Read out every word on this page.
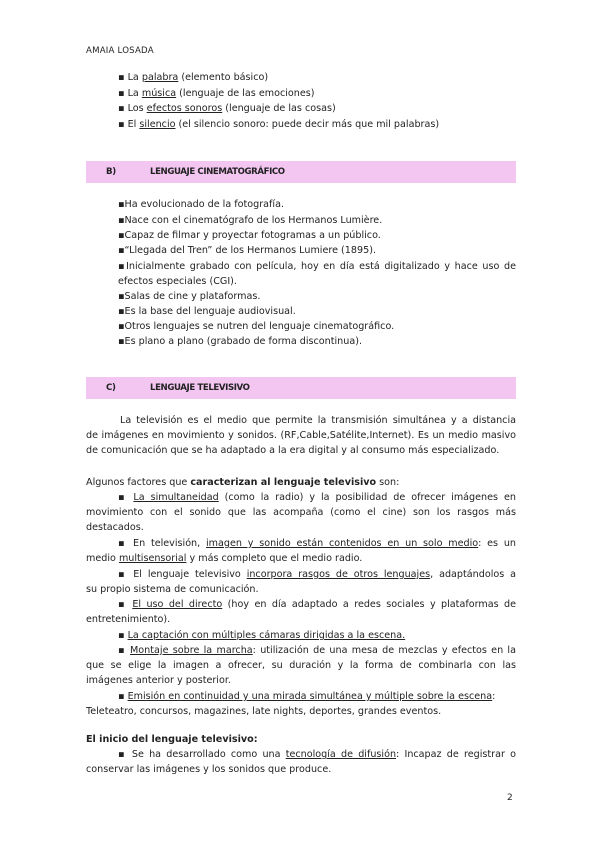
AMAIA LOSADA
▪ La palabra (elemento básico)
▪ La música (lenguaje de las emociones)
▪ Los efectos sonoros (lenguaje de las cosas)
▪ El silencio (el silencio sonoro: puede decir más que mil palabras)
B)	LENGUAJE CINEMATOGRÁFICO
▪Ha evolucionado de la fotografía.
▪Nace con el cinematógrafo de los Hermanos Lumière.
▪Capaz de filmar y proyectar fotogramas a un público.
▪“Llegada del Tren” de los Hermanos Lumiere (1895).
▪Inicialmente grabado con película, hoy en día está digitalizado y hace uso de
efectos especiales (CGI).
▪Salas de cine y plataformas.
▪Es la base del lenguaje audiovisual.
▪Otros lenguajes se nutren del lenguaje cinematográfico.
▪Es plano a plano (grabado de forma discontinua).
C)	LENGUAJE TELEVISIVO
La televisión es el medio que permite la transmisión simultánea y a distancia
de imágenes en movimiento y sonidos. (RF,Cable,Satélite,Internet). Es un medio masivo
de comunicación que se ha adaptado a la era digital y al consumo más especializado.
Algunos factores que caracterizan al lenguaje televisivo son:
▪ La simultaneidad (como la radio) y la posibilidad de ofrecer imágenes en
movimiento con el sonido que las acompaña (como el cine) son los rasgos más
destacados.
▪ En televisión, imagen y sonido están contenidos en un solo medio: es un
medio multisensorial y más completo que el medio radio.
▪ El lenguaje televisivo incorpora rasgos de otros lenguajes, adaptándolos a
su propio sistema de comunicación.
▪ El uso del directo (hoy en día adaptado a redes sociales y plataformas de
entretenimiento).
▪ La captación con múltiples cámaras dirigidas a la escena.
▪ Montaje sobre la marcha: utilización de una mesa de mezclas y efectos en la
que se elige la imagen a ofrecer, su duración y la forma de combinarla con las
imágenes anterior y posterior.
▪ Emisión en continuidad y una mirada simultánea y múltiple sobre la escena:
Teleteatro, concursos, magazines, late nights, deportes, grandes eventos.
El inicio del lenguaje televisivo:
▪ Se ha desarrollado como una tecnología de difusión: Incapaz de registrar o
conservar las imágenes y los sonidos que produce.
2
